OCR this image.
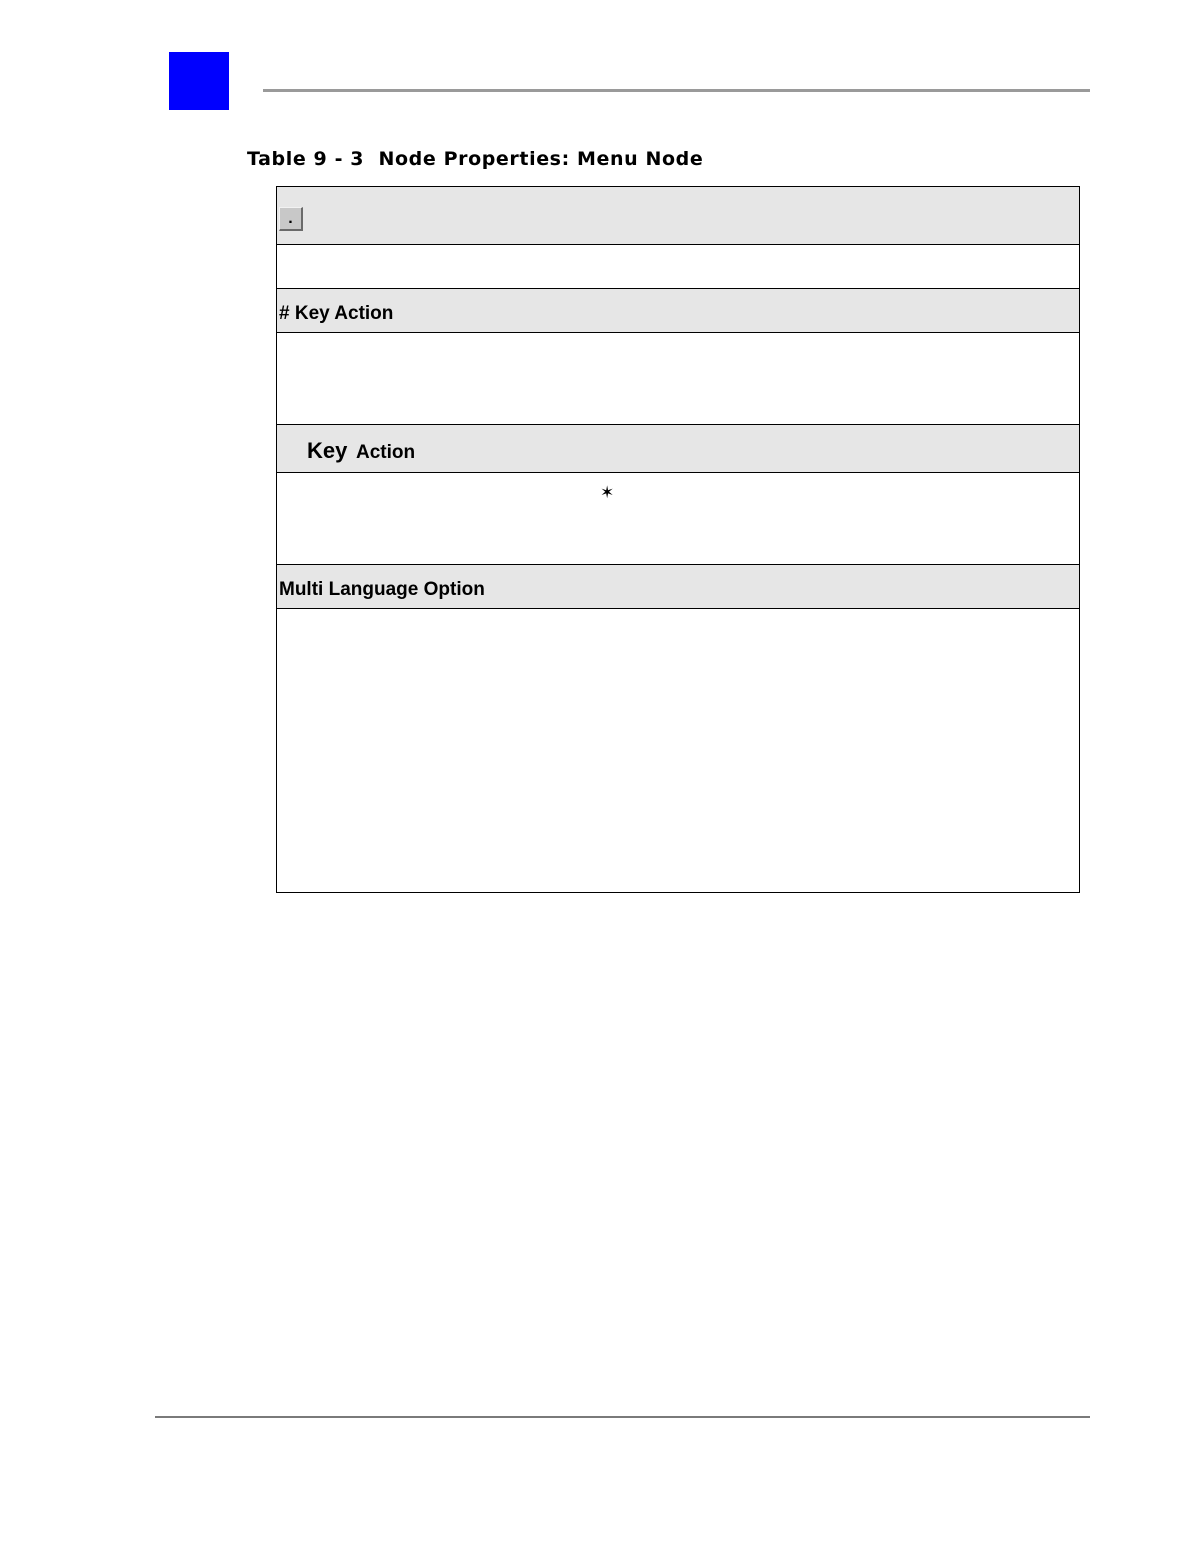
Table 9 - 3  Node Properties: Menu Node
.
# Key Action
Key Action
✶
Multi Language Option
